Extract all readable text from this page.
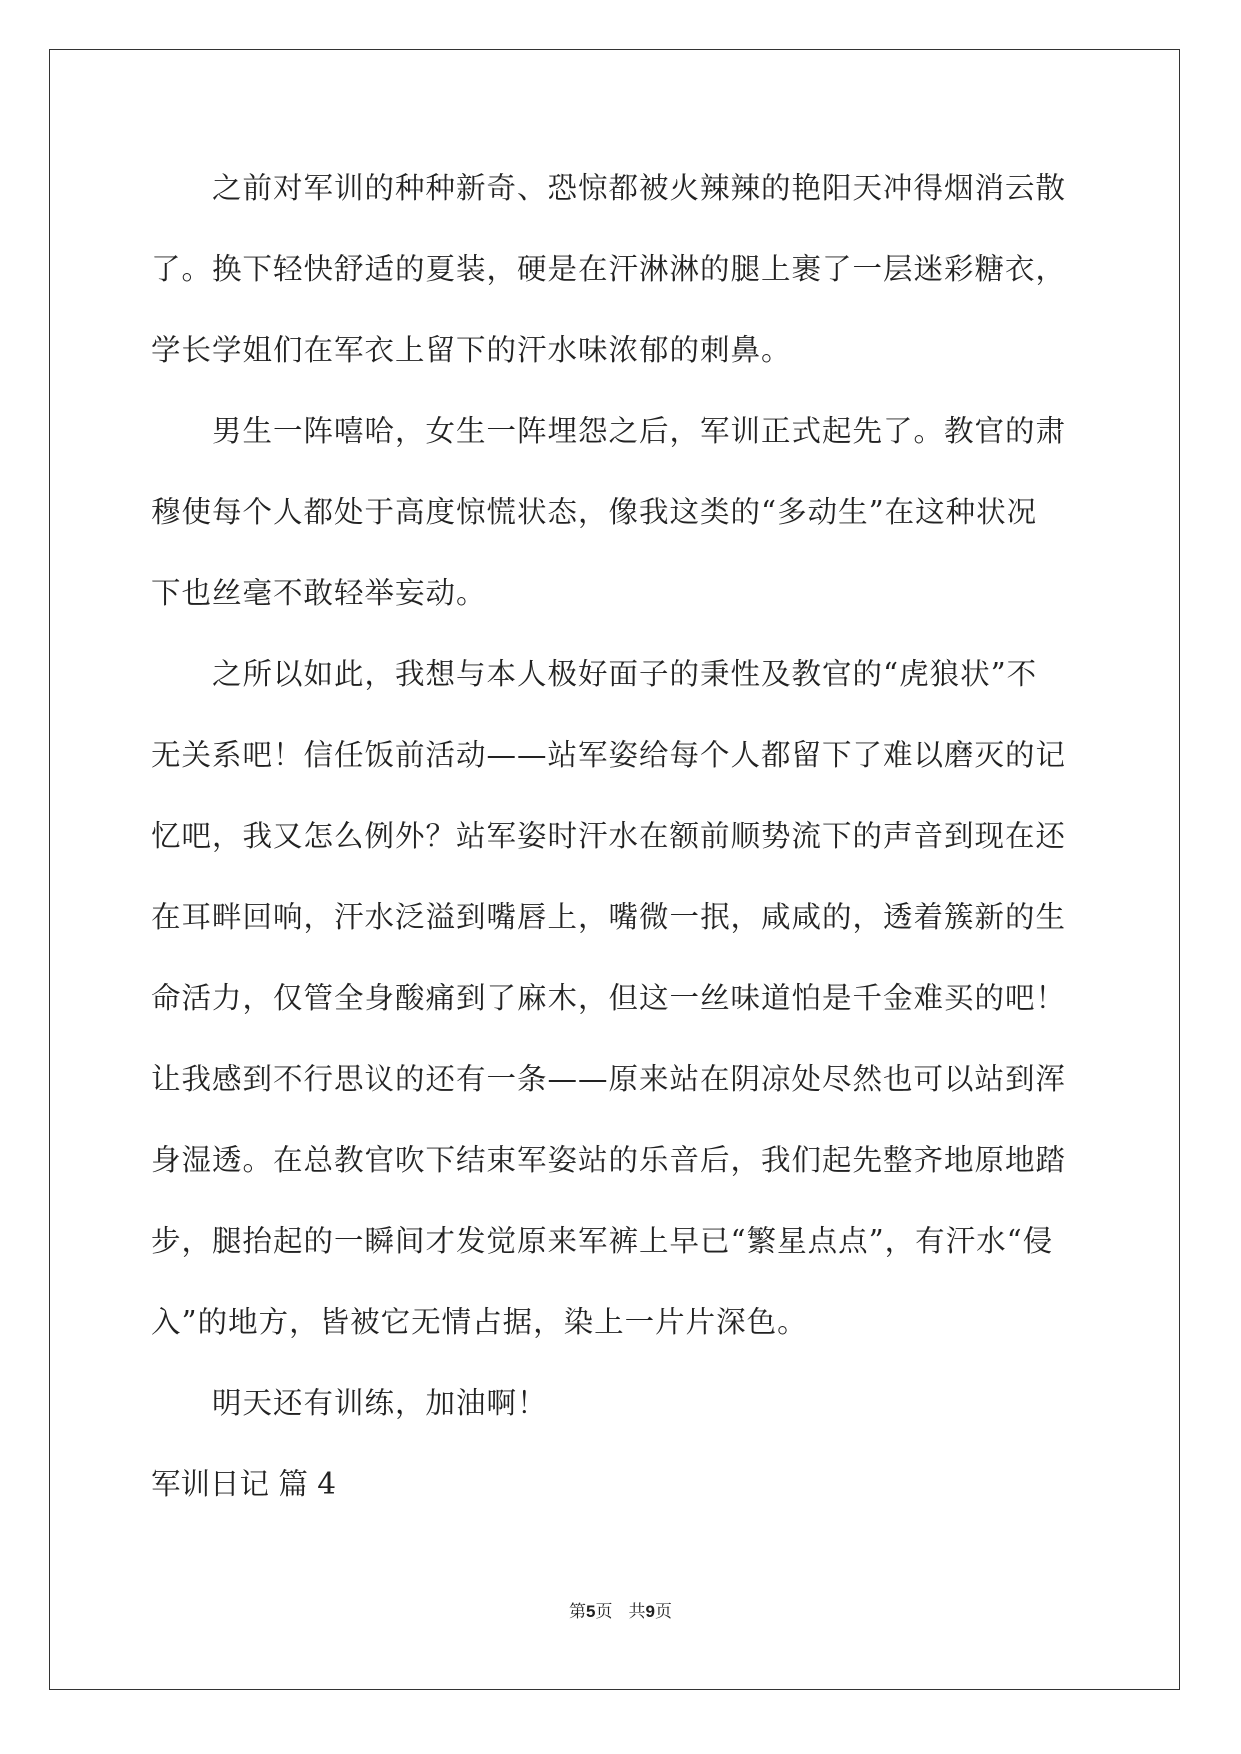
之前对军训的种种新奇、恐惊都被火辣辣的艳阳天冲得烟消云散
了。换下轻快舒适的夏装，硬是在汗淋淋的腿上裹了一层迷彩糖衣，
学长学姐们在军衣上留下的汗水味浓郁的刺鼻。
男生一阵嘻哈，女生一阵埋怨之后，军训正式起先了。教官的肃
穆使每个人都处于高度惊慌状态，像我这类的“多动生”在这种状况
下也丝毫不敢轻举妄动。
之所以如此，我想与本人极好面子的秉性及教官的“虎狼状”不
无关系吧！信任饭前活动——站军姿给每个人都留下了难以磨灭的记
忆吧，我又怎么例外？站军姿时汗水在额前顺势流下的声音到现在还
在耳畔回响，汗水泛溢到嘴唇上，嘴微一抿，咸咸的，透着簇新的生
命活力，仅管全身酸痛到了麻木，但这一丝味道怕是千金难买的吧！
让我感到不行思议的还有一条——原来站在阴凉处尽然也可以站到浑
身湿透。在总教官吹下结束军姿站的乐音后，我们起先整齐地原地踏
步，腿抬起的一瞬间才发觉原来军裤上早已“繁星点点”，有汗水“侵
入”的地方，皆被它无情占据，染上一片片深色。
明天还有训练，加油啊！
军训日记 篇 4
第5页 共9页
